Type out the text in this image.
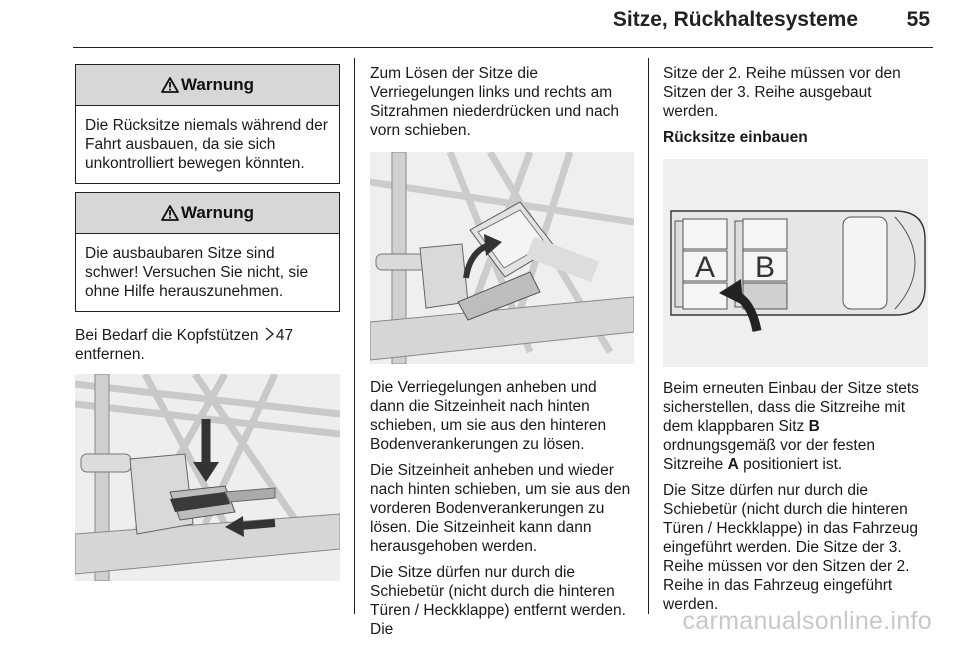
Sitze, Rückhaltesysteme	55
Warnung
Die Rücksitze niemals während der Fahrt ausbauen, da sie sich unkontrolliert bewegen könnten.
Warnung
Die ausbaubaren Sitze sind schwer! Versuchen Sie nicht, sie ohne Hilfe herauszunehmen.

Bei Bedarf die Kopfstützen 47 entfernen.

Zum Lösen der Sitze die Verriegelungen links und rechts am Sitzrahmen niederdrücken und nach vorn schieben.

Die Verriegelungen anheben und dann die Sitzeinheit nach hinten schieben, um sie aus den hinteren Bodenverankerungen zu lösen.

Die Sitzeinheit anheben und wieder nach hinten schieben, um sie aus den vorderen Bodenverankerungen zu lösen. Die Sitzeinheit kann dann herausgehoben werden.

Die Sitze dürfen nur durch die Schiebetür (nicht durch die hinteren Türen / Heckklappe) entfernt werden. Die

Sitze der 2. Reihe müssen vor den Sitzen der 3. Reihe ausgebaut werden.

Rücksitze einbauen

A B

Beim erneuten Einbau der Sitze stets sicherstellen, dass die Sitzreihe mit dem klappbaren Sitz B ordnungsgemäß vor der festen Sitzreihe A positioniert ist.

Die Sitze dürfen nur durch die Schiebetür (nicht durch die hinteren Türen / Heckklappe) in das Fahrzeug eingeführt werden. Die Sitze der 3. Reihe müssen vor den Sitzen der 2. Reihe in das Fahrzeug eingeführt werden.

carmanualsonline.info
